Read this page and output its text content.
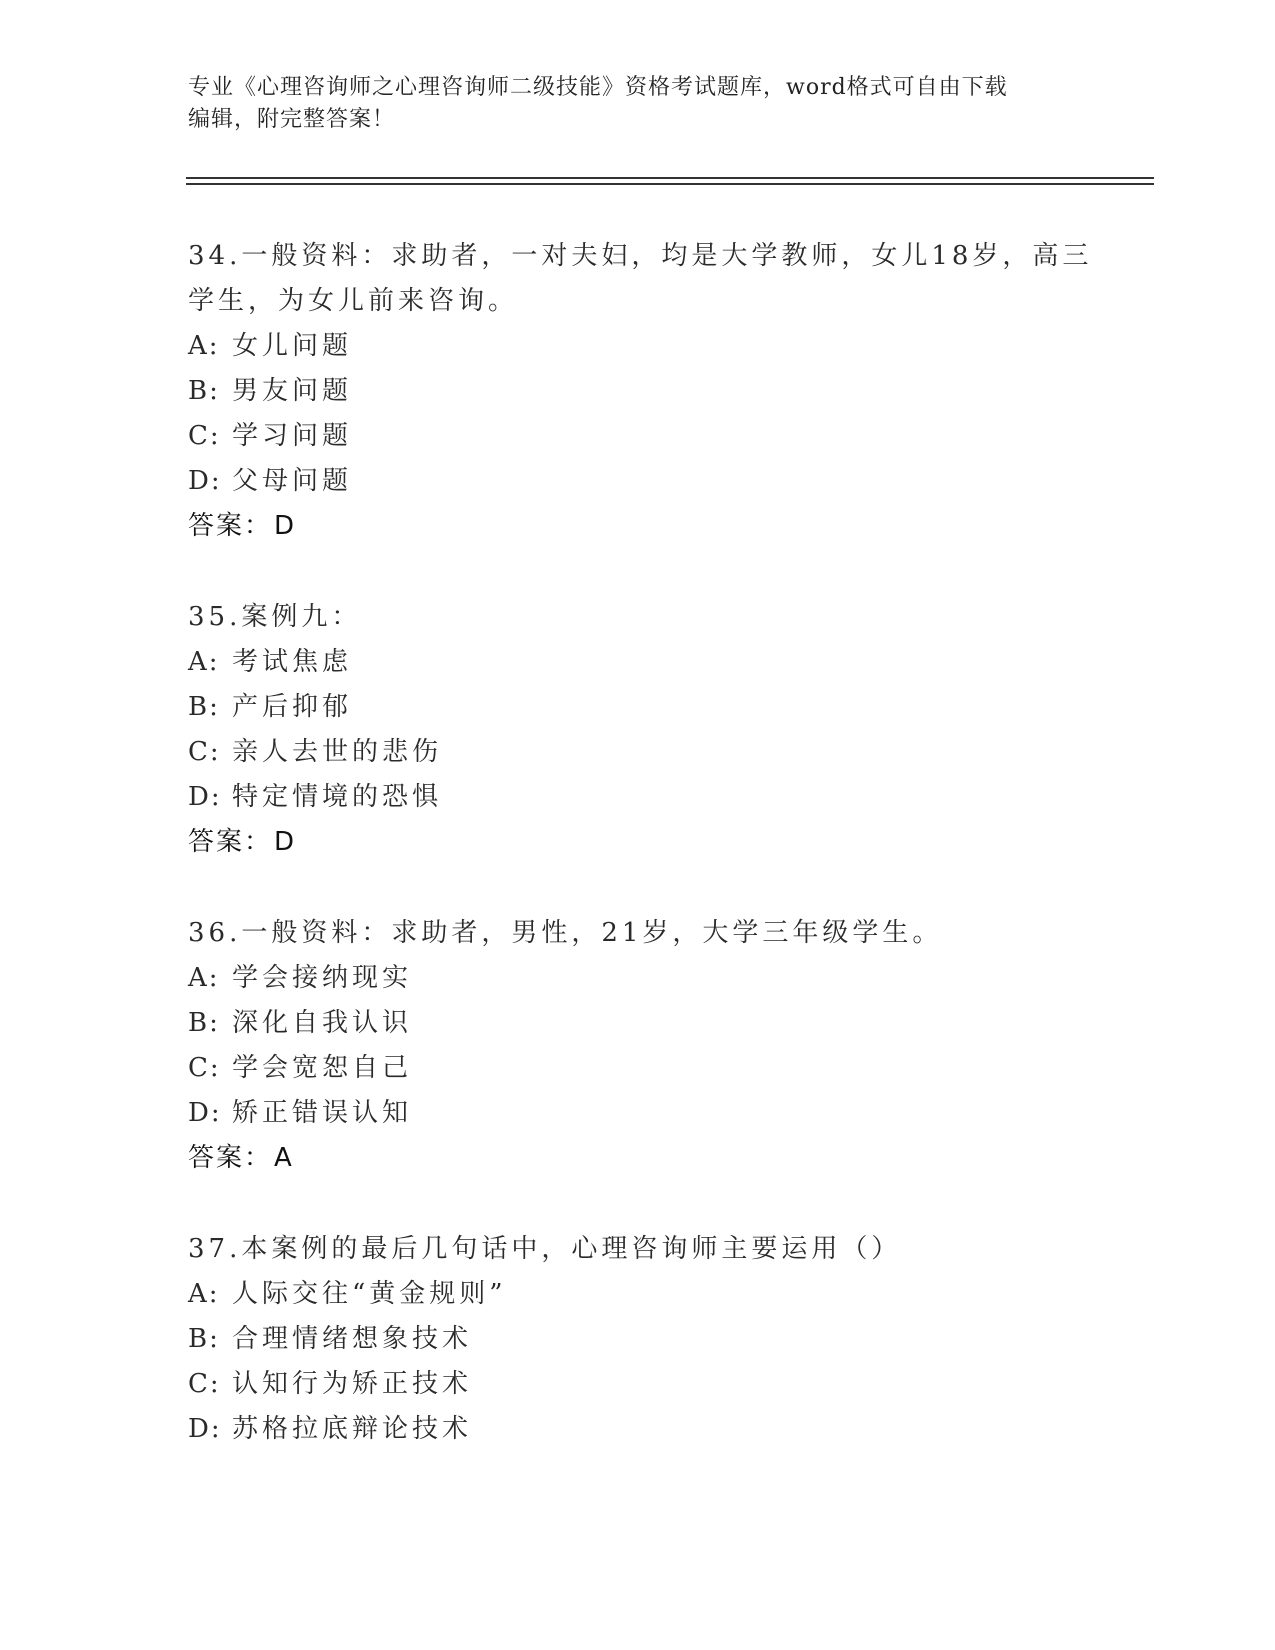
专业《心理咨询师之心理咨询师二级技能》资格考试题库，word格式可自由下载
编辑，附完整答案！
34.一般资料：求助者，一对夫妇，均是大学教师，女儿18岁，高三
学生，为女儿前来咨询。
A: 女儿问题
B: 男友问题
C: 学习问题
D: 父母问题
答案：D
35.案例九：
A: 考试焦虑
B: 产后抑郁
C: 亲人去世的悲伤
D: 特定情境的恐惧
答案：D
36.一般资料：求助者，男性，21岁，大学三年级学生。
A: 学会接纳现实
B: 深化自我认识
C: 学会宽恕自己
D: 矫正错误认知
答案：A
37.本案例的最后几句话中，心理咨询师主要运用（）
A: 人际交往“黄金规则”
B: 合理情绪想象技术
C: 认知行为矫正技术
D: 苏格拉底辩论技术
